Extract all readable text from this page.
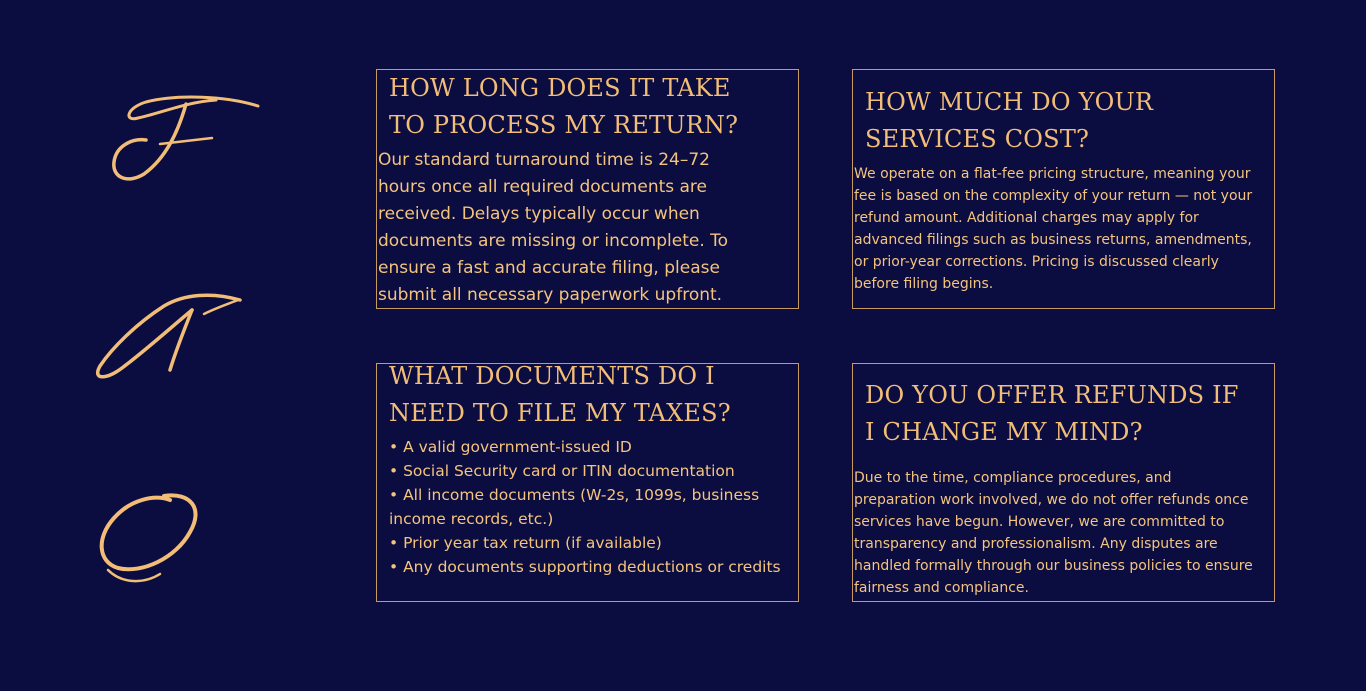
HOW LONG DOES IT TAKE
TO PROCESS MY RETURN?

Our standard turnaround time is 24–72 hours once all required documents are received. Delays typically occur when documents are missing or incomplete. To ensure a fast and accurate filing, please submit all necessary paperwork upfront.

HOW MUCH DO YOUR
SERVICES COST?

We operate on a flat-fee pricing structure, meaning your fee is based on the complexity of your return — not your refund amount. Additional charges may apply for advanced filings such as business returns, amendments, or prior-year corrections. Pricing is discussed clearly before filing begins.

WHAT DOCUMENTS DO I
NEED TO FILE MY TAXES?
• A valid government-issued ID
• Social Security card or ITIN documentation
• All income documents (W-2s, 1099s, business income records, etc.)
• Prior year tax return (if available)
• Any documents supporting deductions or credits
DO YOU OFFER REFUNDS IF
I CHANGE MY MIND?

Due to the time, compliance procedures, and preparation work involved, we do not offer refunds once services have begun. However, we are committed to transparency and professionalism. Any disputes are handled formally through our business policies to ensure fairness and compliance.
